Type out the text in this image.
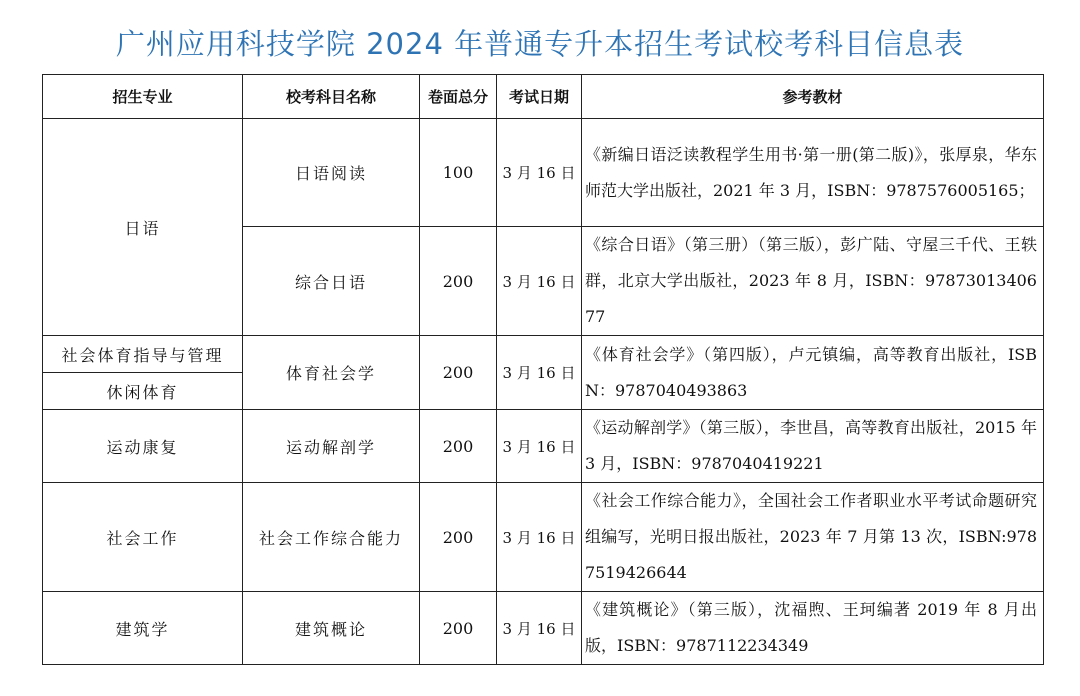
广州应用科技学院 2024 年普通专升本招生考试校考科目信息表
招生专业	校考科目名称	卷面总分	考试日期	参考教材
日语	日语阅读	100	3 月 16 日	《新编日语泛读教程学生用书·第一册(第二版)》，张厚泉，华东师范大学出版社，2021 年 3 月，ISBN：9787576005165；
	综合日语	200	3 月 16 日	《综合日语》（第三册）（第三版），彭广陆、守屋三千代、王轶群，北京大学出版社，2023 年 8 月，ISBN：9787301340677
社会体育指导与管理	体育社会学	200	3 月 16 日	《体育社会学》（第四版），卢元镇编，高等教育出版社，ISBN：9787040493863
休闲体育				
运动康复	运动解剖学	200	3 月 16 日	《运动解剖学》（第三版），李世昌，高等教育出版社，2015 年 3 月，ISBN：9787040419221
社会工作	社会工作综合能力	200	3 月 16 日	《社会工作综合能力》，全国社会工作者职业水平考试命题研究组编写，光明日报出版社，2023 年 7 月第 13 次，ISBN:9787519426644
建筑学	建筑概论	200	3 月 16 日	《建筑概论》（第三版），沈福煦、王珂编著 2019 年 8 月出版，ISBN：9787112234349
